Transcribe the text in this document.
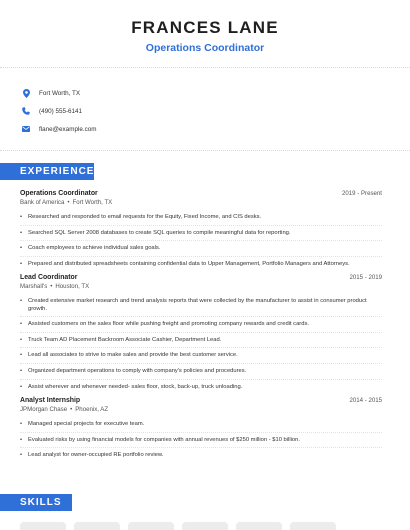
FRANCES LANE
Operations Coordinator
Fort Worth, TX
(490) 555-6141
flane@example.com
EXPERIENCE
Operations Coordinator	2019 - Present
Bank of America • Fort Worth, TX
• Researched and responded to email requests for the Equity, Fixed Income, and CIS desks.
• Searched SQL Server 2008 databases to create SQL queries to compile meaningful data for reporting.
• Coach employees to achieve individual sales goals.
• Prepared and distributed spreadsheets containing confidential data to Upper Management, Portfolio Managers and Attorneys.
Lead Coordinator	2015 - 2019
Marshall's • Houston, TX
• Created extensive market research and trend analysis reports that were collected by the manufacturer to assist in consumer product growth.
• Assisted customers on the sales floor while pushing freight and promoting company rewards and credit cards.
• Truck Team AD Placement Backroom Associate Cashier, Department Lead.
• Lead all associates to strive to make sales and provide the best customer service.
• Organized department operations to comply with company's policies and procedures.
• Assist wherever and whenever needed- sales floor, stock, back-up, truck unloading.
Analyst Internship	2014 - 2015
JPMorgan Chase • Phoenix, AZ
• Managed special projects for executive team.
• Evaluated risks by using financial models for companies with annual revenues of $250 million - $10 billion.
• Lead analyst for owner-occupied RE portfolio review.
SKILLS
